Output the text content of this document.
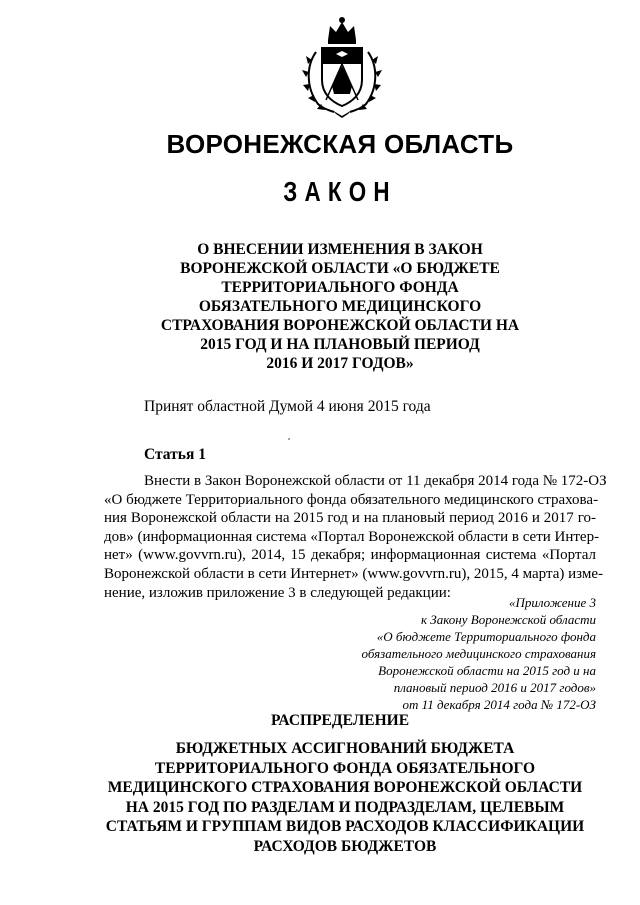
ВОРОНЕЖСКАЯ ОБЛАСТЬ
ЗАКОН
О ВНЕСЕНИИ ИЗМЕНЕНИЯ В ЗАКОН
ВОРОНЕЖСКОЙ ОБЛАСТИ «О БЮДЖЕТЕ
ТЕРРИТОРИАЛЬНОГО ФОНДА
ОБЯЗАТЕЛЬНОГО МЕДИЦИНСКОГО
СТРАХОВАНИЯ ВОРОНЕЖСКОЙ ОБЛАСТИ НА
2015 ГОД И НА ПЛАНОВЫЙ ПЕРИОД
2016 И 2017 ГОДОВ»
Принят областной Думой 4 июня 2015 года
Статья 1
Внести в Закон Воронежской области от 11 декабря 2014 года № 172-ОЗ
«О бюджете Территориального фонда обязательного медицинского страхова-
ния Воронежской области на 2015 год и на плановый период 2016 и 2017 го-
дов» (информационная система «Портал Воронежской области в сети Интер-
нет» (www.govvrn.ru), 2014, 15 декабря; информационная система «Портал
Воронежской области в сети Интернет» (www.govvrn.ru), 2015, 4 марта) изме-
нение, изложив приложение 3 в следующей редакции:
«Приложение 3
к Закону Воронежской области
«О бюджете Территориального фонда
обязательного медицинского страхования
Воронежской области на 2015 год и на
плановый период 2016 и 2017 годов»
от 11 декабря 2014 года № 172-ОЗ
РАСПРЕДЕЛЕНИЕ
БЮДЖЕТНЫХ АССИГНОВАНИЙ БЮДЖЕТА
ТЕРРИТОРИАЛЬНОГО ФОНДА ОБЯЗАТЕЛЬНОГО
МЕДИЦИНСКОГО СТРАХОВАНИЯ ВОРОНЕЖСКОЙ ОБЛАСТИ
НА 2015 ГОД ПО РАЗДЕЛАМ И ПОДРАЗДЕЛАМ, ЦЕЛЕВЫМ
СТАТЬЯМ И ГРУППАМ ВИДОВ РАСХОДОВ КЛАССИФИКАЦИИ
РАСХОДОВ БЮДЖЕТОВ
